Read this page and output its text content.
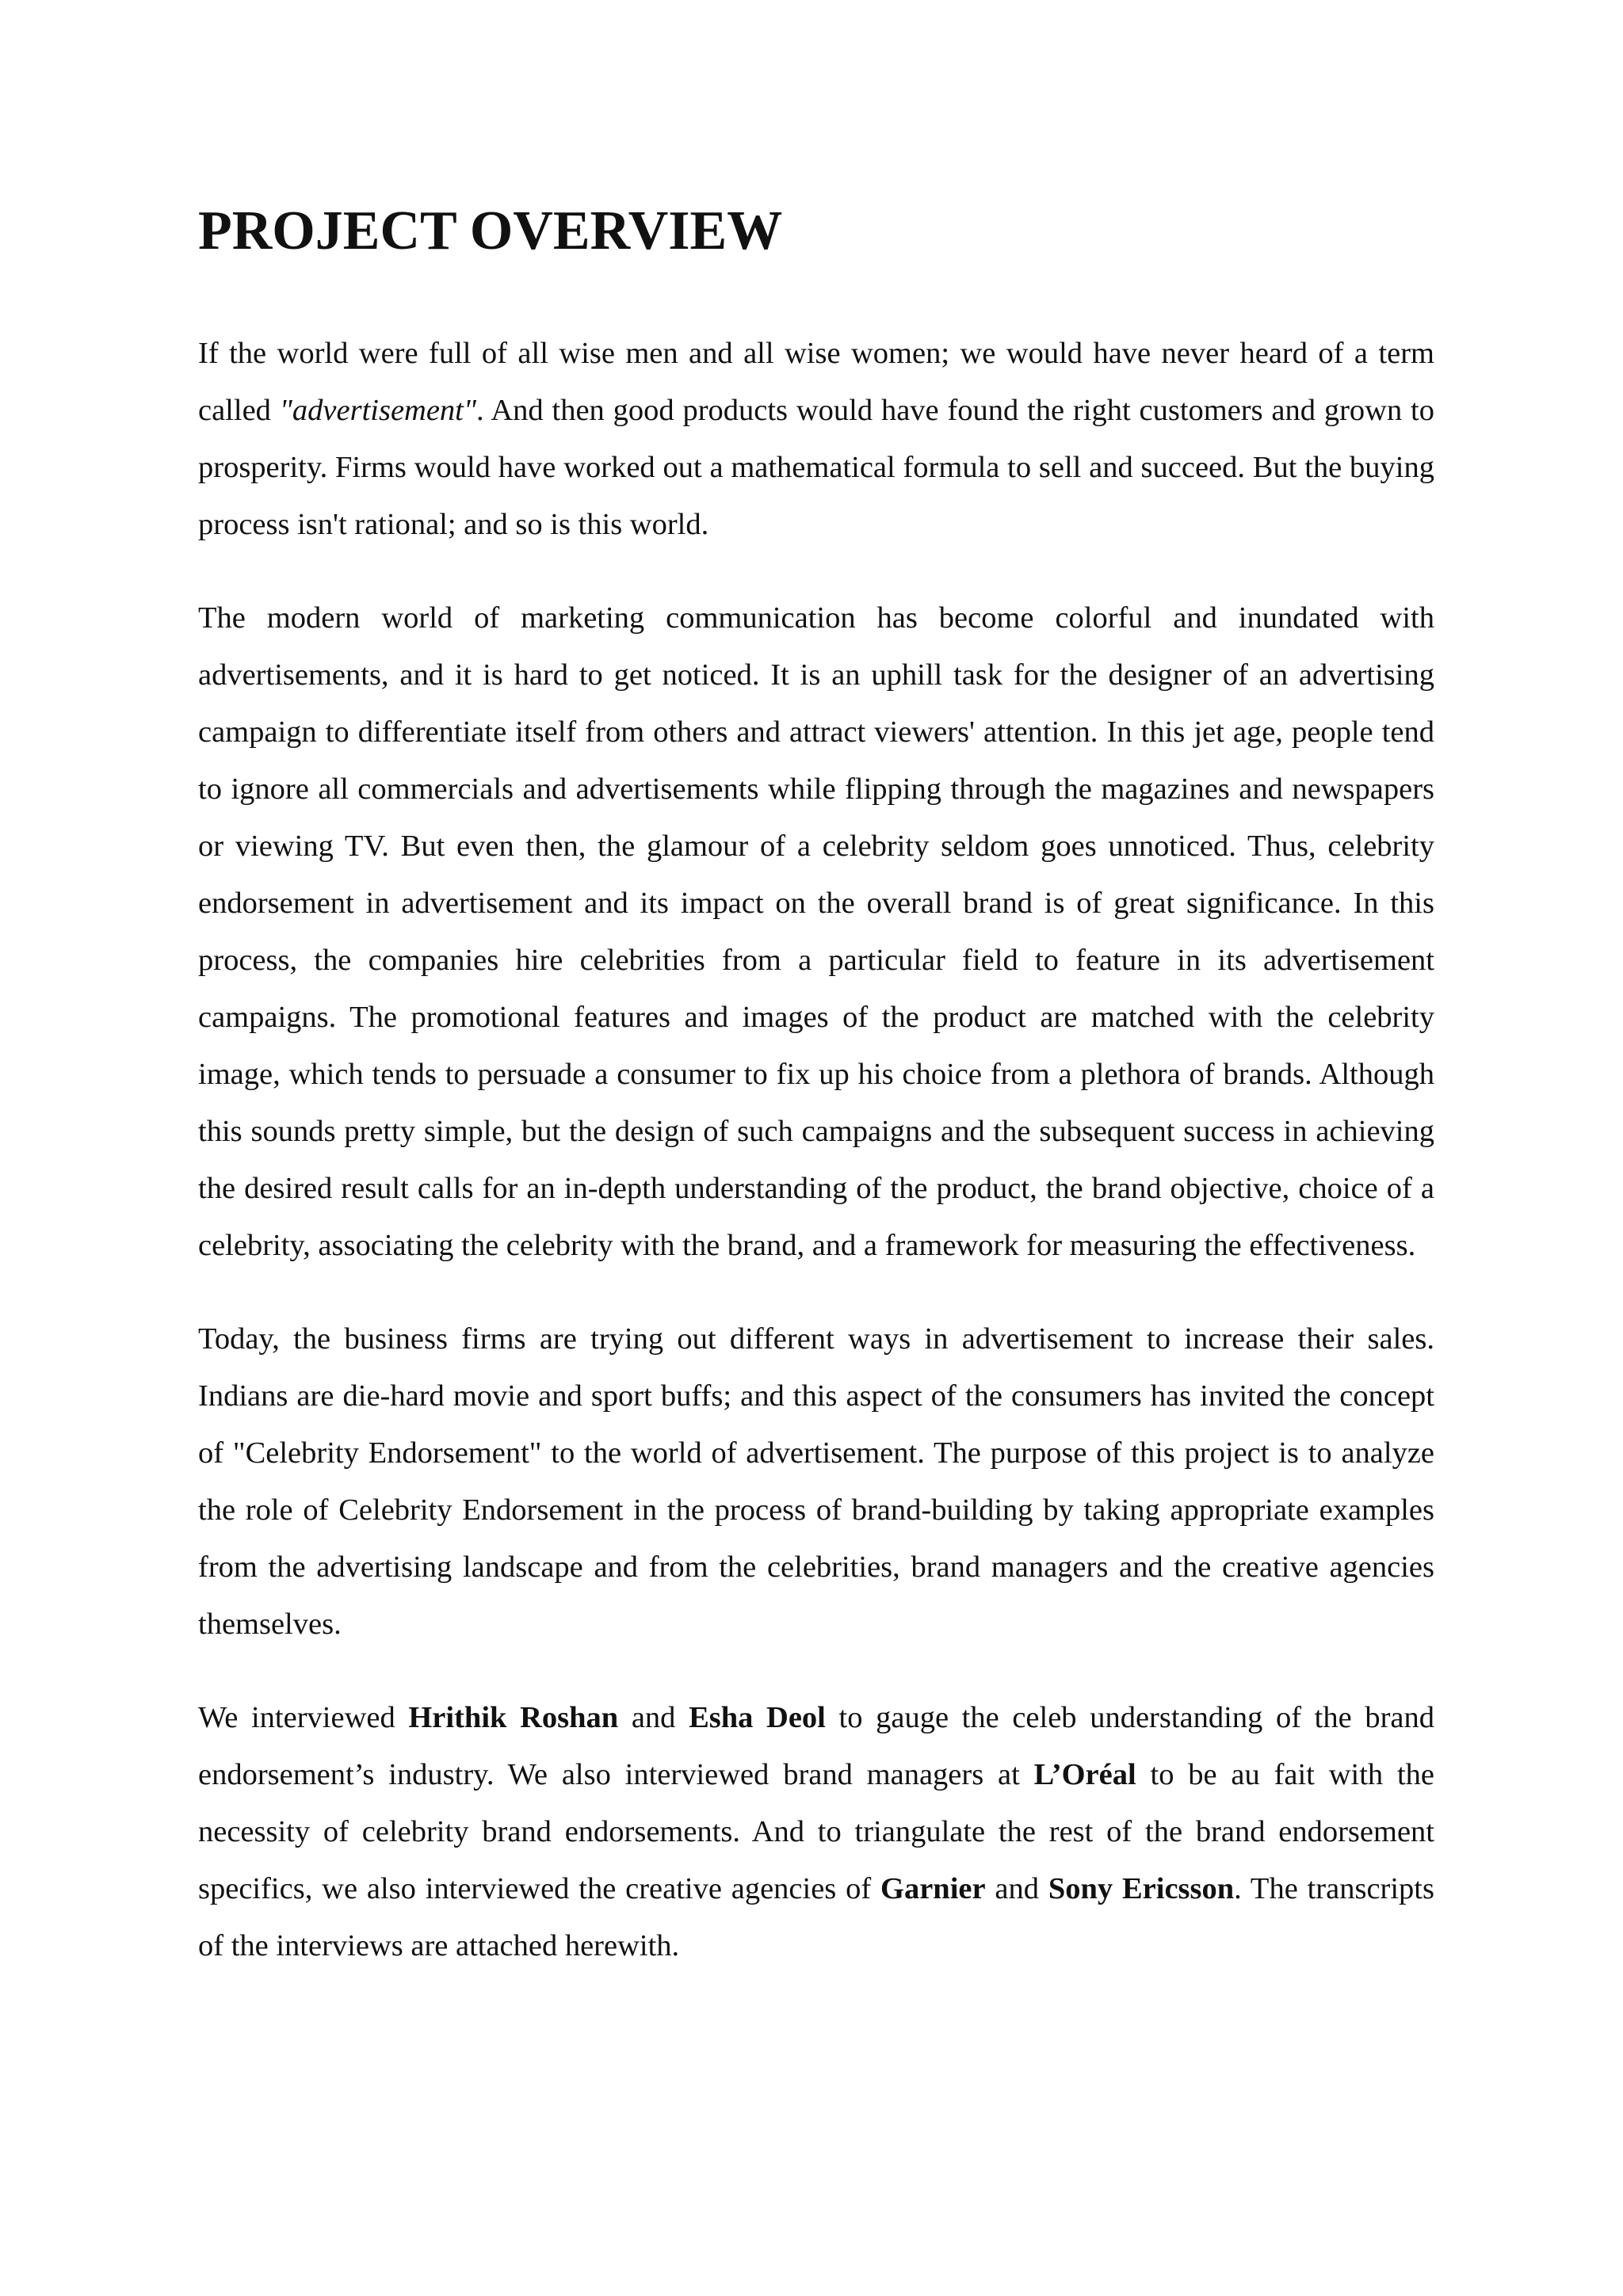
PROJECT OVERVIEW

If the world were full of all wise men and all wise women; we would have never heard of a term called "advertisement". And then good products would have found the right customers and grown to prosperity. Firms would have worked out a mathematical formula to sell and succeed. But the buying process isn't rational; and so is this world.

The modern world of marketing communication has become colorful and inundated with advertisements, and it is hard to get noticed. It is an uphill task for the designer of an advertising campaign to differentiate itself from others and attract viewers' attention. In this jet age, people tend to ignore all commercials and advertisements while flipping through the magazines and newspapers or viewing TV. But even then, the glamour of a celebrity seldom goes unnoticed. Thus, celebrity endorsement in advertisement and its impact on the overall brand is of great significance. In this process, the companies hire celebrities from a particular field to feature in its advertisement campaigns. The promotional features and images of the product are matched with the celebrity image, which tends to persuade a consumer to fix up his choice from a plethora of brands. Although this sounds pretty simple, but the design of such campaigns and the subsequent success in achieving the desired result calls for an in-depth understanding of the product, the brand objective, choice of a celebrity, associating the celebrity with the brand, and a framework for measuring the effectiveness.

Today, the business firms are trying out different ways in advertisement to increase their sales. Indians are die-hard movie and sport buffs; and this aspect of the consumers has invited the concept of "Celebrity Endorsement" to the world of advertisement. The purpose of this project is to analyze the role of Celebrity Endorsement in the process of brand-building by taking appropriate examples from the advertising landscape and from the celebrities, brand managers and the creative agencies themselves.

We interviewed Hrithik Roshan and Esha Deol to gauge the celeb understanding of the brand endorsement’s industry. We also interviewed brand managers at L’Oréal to be au fait with the necessity of celebrity brand endorsements. And to triangulate the rest of the brand endorsement specifics, we also interviewed the creative agencies of Garnier and Sony Ericsson. The transcripts of the interviews are attached herewith.
